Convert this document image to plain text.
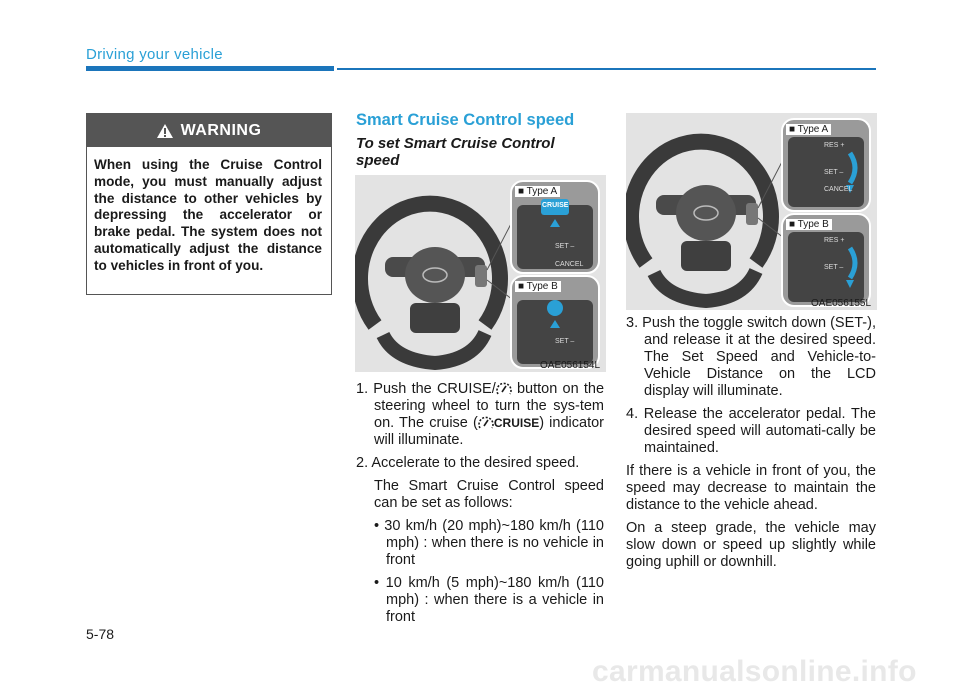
Driving your vehicle
WARNING
When using the Cruise Control mode, you must manually adjust the distance to other vehicles by depressing the accelerator or brake pedal. The system does not automatically adjust the distance to vehicles in front of you.
Smart Cruise Control speed
To set Smart Cruise Control speed
■ Type A
CRUISE
SET –
CANCEL
■ Type B
SET –
OAE056154L
■ Type A
RES +
SET –
CANCEL
■ Type B
RES +
SET –
OAE056155L
1. Push the CRUISE/ button on the steering wheel to turn the sys-tem on. The cruise ( CRUISE) indicator will illuminate.
2. Accelerate to the desired speed.
The Smart Cruise Control speed can be set as follows:
• 30 km/h (20 mph)~180 km/h (110 mph) : when there is no vehicle in front
• 10 km/h (5 mph)~180 km/h (110 mph) : when there is a vehicle in front
3. Push the toggle switch down (SET-), and release it at the desired speed. The Set Speed and Vehicle-to-Vehicle Distance on the LCD display will illuminate.
4. Release the accelerator pedal. The desired speed will automati-cally be maintained.
If there is a vehicle in front of you, the speed may decrease to maintain the distance to the vehicle ahead.
On a steep grade, the vehicle may slow down or speed up slightly while going uphill or downhill.
5-78
carmanualsonline.info
